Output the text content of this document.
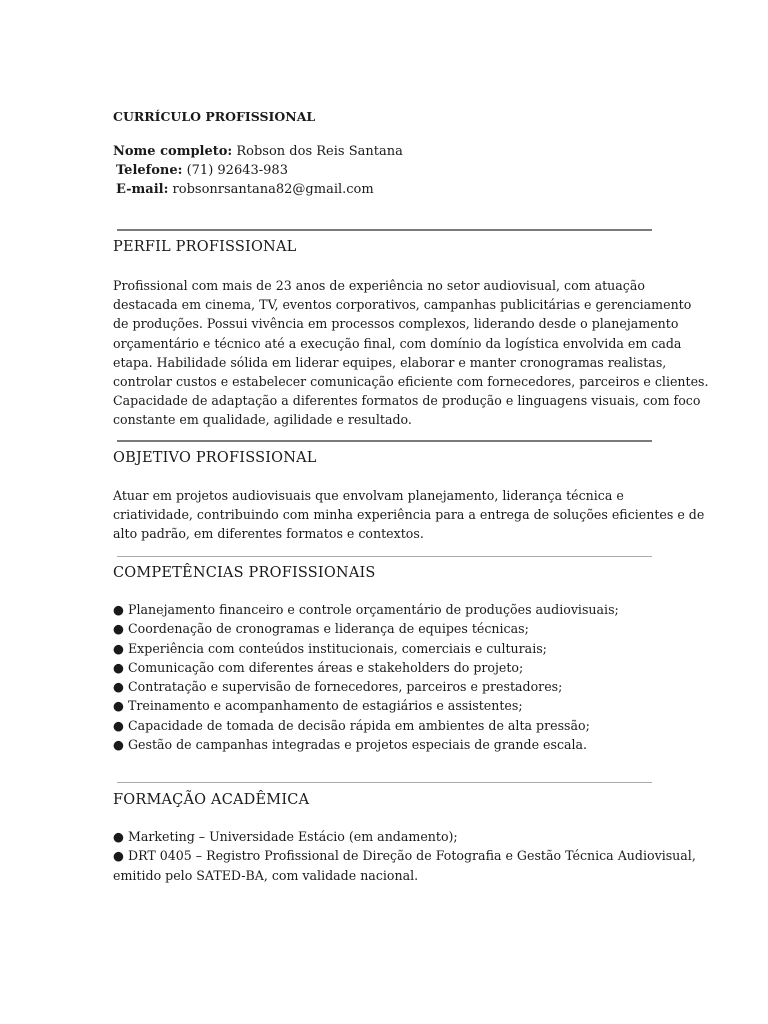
CURRÍCULO PROFISSIONAL
Nome completo: Robson dos Reis Santana
Telefone: (71) 92643-983
E-mail: robsonrsantana82@gmail.com
PERFIL PROFISSIONAL
Profissional com mais de 23 anos de experiência no setor audiovisual, com atuação
destacada em cinema, TV, eventos corporativos, campanhas publicitárias e gerenciamento
de produções. Possui vivência em processos complexos, liderando desde o planejamento
orçamentário e técnico até a execução final, com domínio da logística envolvida em cada
etapa. Habilidade sólida em liderar equipes, elaborar e manter cronogramas realistas,
controlar custos e estabelecer comunicação eficiente com fornecedores, parceiros e clientes.
Capacidade de adaptação a diferentes formatos de produção e linguagens visuais, com foco
constante em qualidade, agilidade e resultado.
OBJETIVO PROFISSIONAL
Atuar em projetos audiovisuais que envolvam planejamento, liderança técnica e
criatividade, contribuindo com minha experiência para a entrega de soluções eficientes e de
alto padrão, em diferentes formatos e contextos.
COMPETÊNCIAS PROFISSIONAIS
● Planejamento financeiro e controle orçamentário de produções audiovisuais;
● Coordenação de cronogramas e liderança de equipes técnicas;
● Experiência com conteúdos institucionais, comerciais e culturais;
● Comunicação com diferentes áreas e stakeholders do projeto;
● Contratação e supervisão de fornecedores, parceiros e prestadores;
● Treinamento e acompanhamento de estagiários e assistentes;
● Capacidade de tomada de decisão rápida em ambientes de alta pressão;
● Gestão de campanhas integradas e projetos especiais de grande escala.
FORMAÇÃO ACADÊMICA
● Marketing – Universidade Estácio (em andamento);
● DRT 0405 – Registro Profissional de Direção de Fotografia e Gestão Técnica Audiovisual,
emitido pelo SATED-BA, com validade nacional.
